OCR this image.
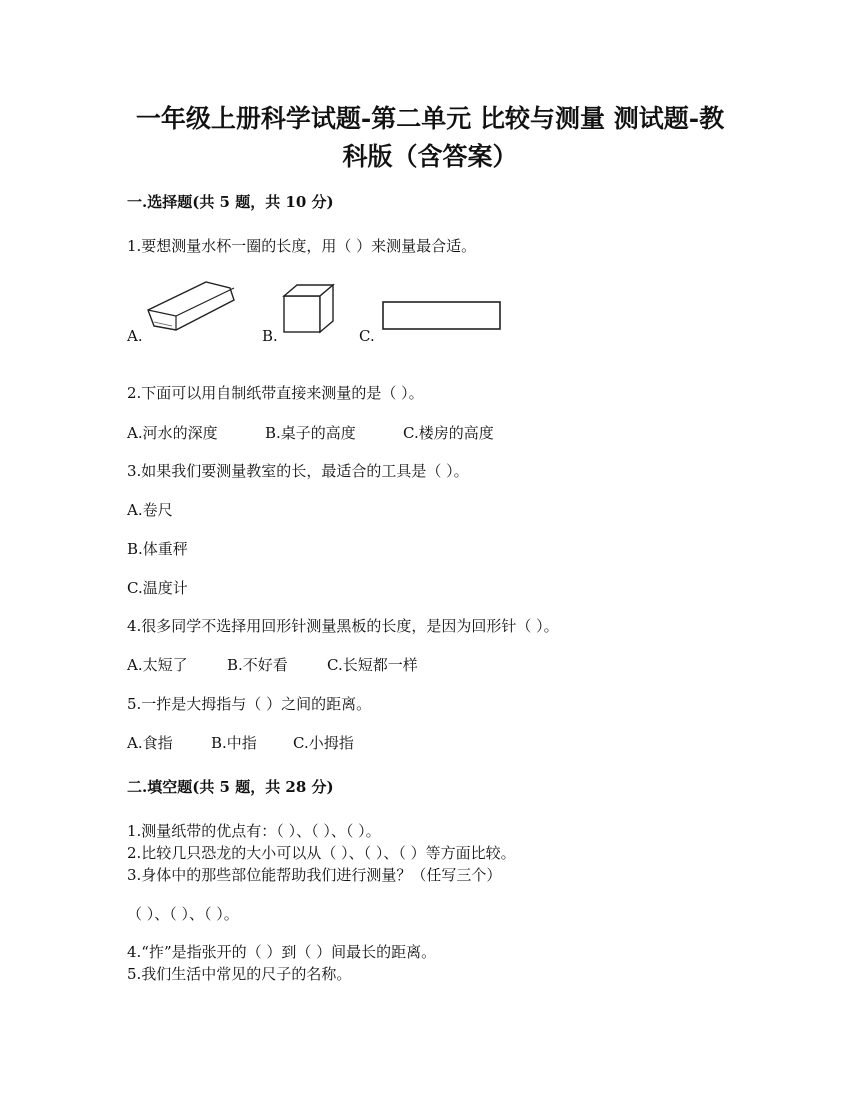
一年级上册科学试题-第二单元 比较与测量 测试题-教
科版（含答案）
一.选择题(共 5 题，共 10 分)
1.要想测量水杯一圈的长度，用（ ）来测量最合适。
A.	B.	C.
2.下面可以用自制纸带直接来测量的是（ ）。
A.河水的深度	B.桌子的高度	C.楼房的高度
3.如果我们要测量教室的长，最适合的工具是（ ）。
A.卷尺
B.体重秤
C.温度计
4.很多同学不选择用回形针测量黑板的长度，是因为回形针（ ）。
A.太短了	B.不好看	C.长短都一样
5.一拃是大拇指与（ ）之间的距离。
A.食指	B.中指 C.小拇指
二.填空题(共 5 题，共 28 分)
1.测量纸带的优点有：（ ）、（ ）、（ ）。
2.比较几只恐龙的大小可以从（ ）、（ ）、（ ）等方面比较。
3.身体中的那些部位能帮助我们进行测量？（任写三个）
（ ）、（ ）、（ ）。
4.“拃”是指张开的（ ）到（ ）间最长的距离。
5.我们生活中常见的尺子的名称。
